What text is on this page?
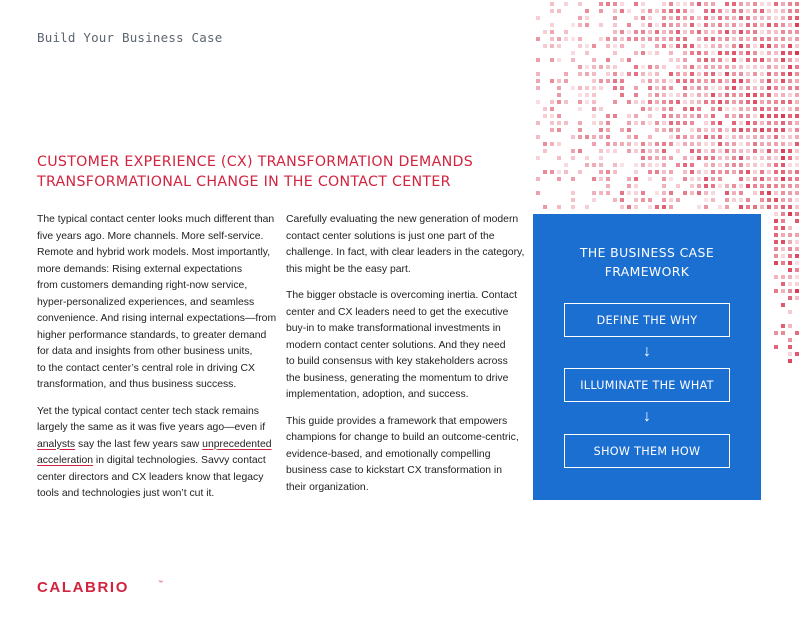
Build Your Business Case
CUSTOMER EXPERIENCE (CX) TRANSFORMATION DEMANDS
TRANSFORMATIONAL CHANGE IN THE CONTACT CENTER

The typical contact center looks much different than
five years ago. More channels. More self-service.
Remote and hybrid work models. Most importantly,
more demands: Rising external expectations
from customers demanding right-now service,
hyper-personalized experiences, and seamless
convenience. And rising internal expectations—from
higher performance standards, to greater demand
for data and insights from other business units,
to the contact center’s central role in driving CX
transformation, and thus business success.

Yet the typical contact center tech stack remains
largely the same as it was five years ago—even if
analysts say the last few years saw unprecedented
acceleration in digital technologies. Savvy contact
center directors and CX leaders know that legacy
tools and technologies just won’t cut it.

Carefully evaluating the new generation of modern
contact center solutions is just one part of the
challenge. In fact, with clear leaders in the category,
this might be the easy part.

The bigger obstacle is overcoming inertia. Contact
center and CX leaders need to get the executive
buy-in to make transformational investments in
modern contact center solutions. And they need
to build consensus with key stakeholders across
the business, generating the momentum to drive
implementation, adoption, and success.

This guide provides a framework that empowers
champions for change to build an outcome-centric,
evidence-based, and emotionally compelling
business case to kickstart CX transformation in
their organization.

THE BUSINESS CASE
FRAMEWORK
DEFINE THE WHY
↓
ILLUMINATE THE WHAT
↓
SHOW THEM HOW
CALABRIO	™
